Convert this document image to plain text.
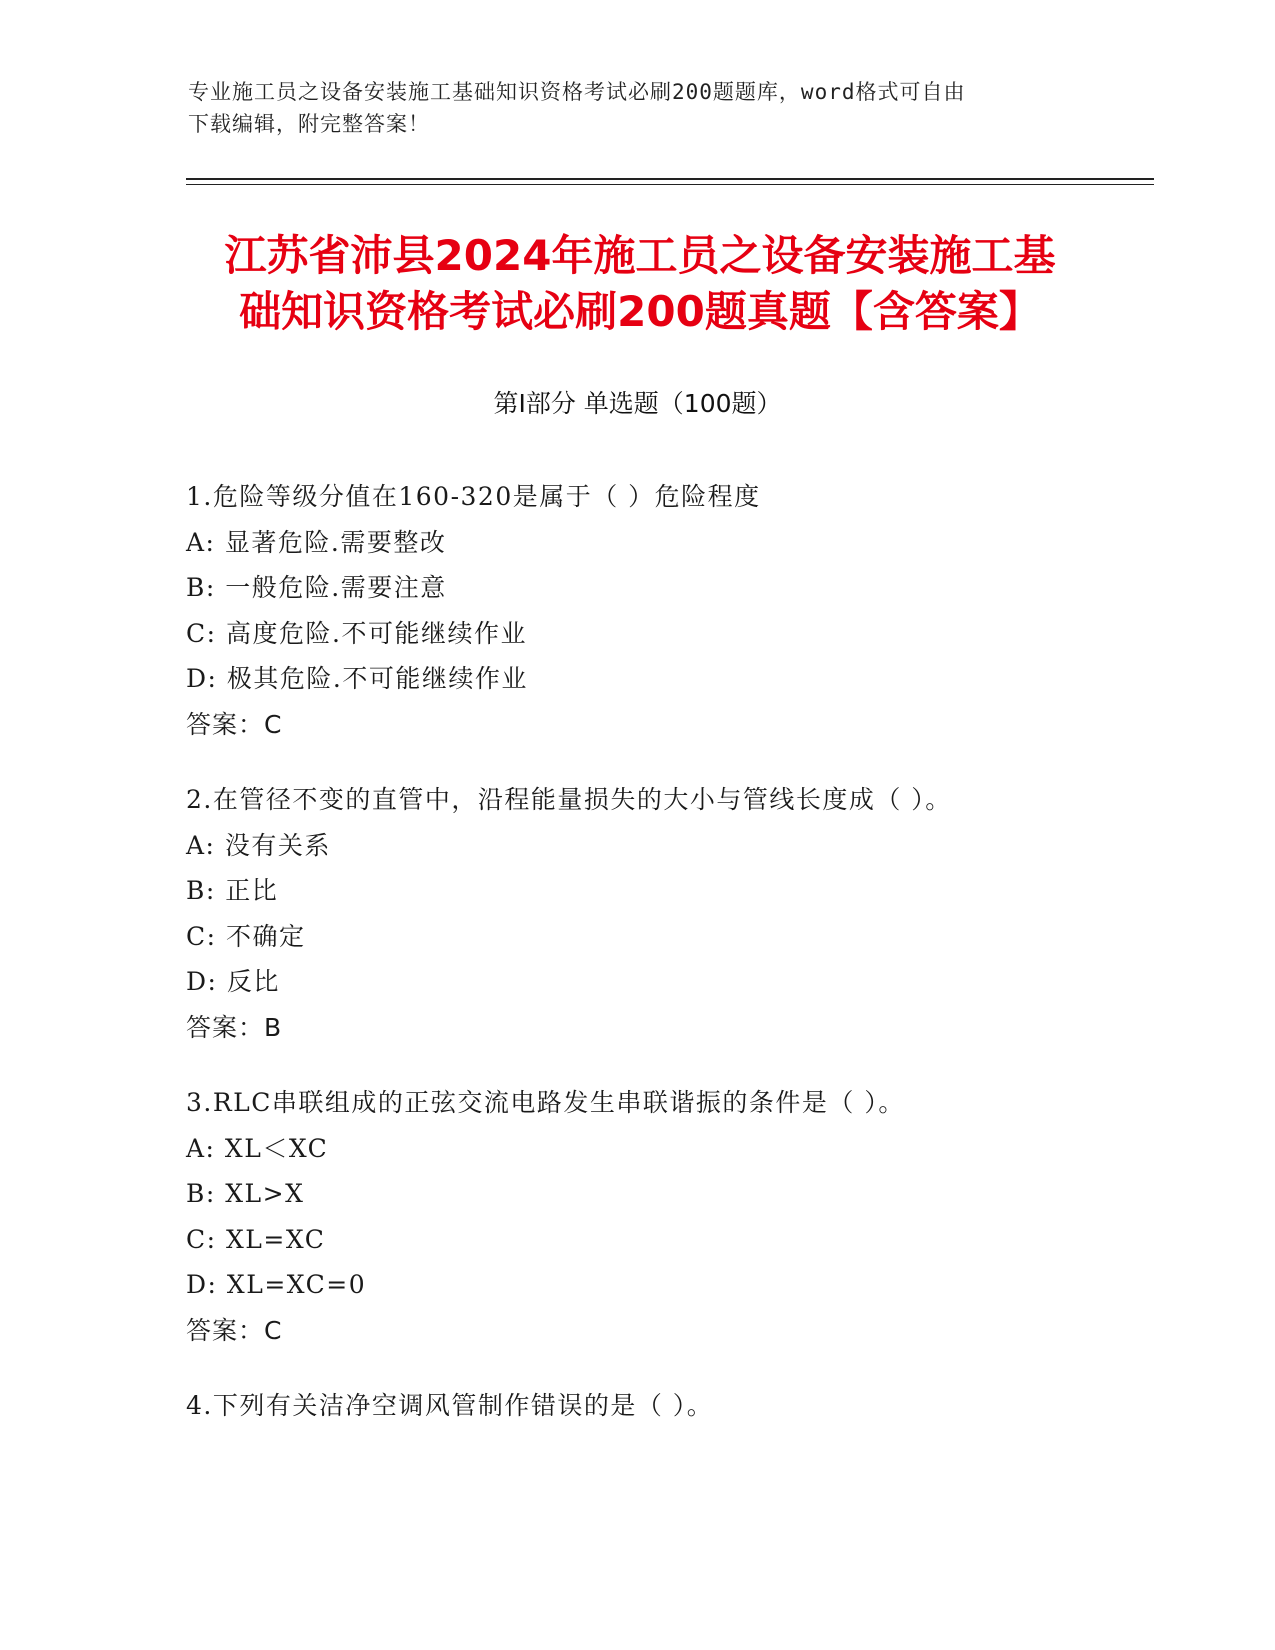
专业施工员之设备安装施工基础知识资格考试必刷200题题库，word格式可自由
下载编辑，附完整答案！
江苏省沛县2024年施工员之设备安装施工基
础知识资格考试必刷200题真题【含答案】
第Ⅰ部分 单选题（100题）
1.危险等级分值在160-320是属于（ ）危险程度
A: 显著危险.需要整改
B: 一般危险.需要注意
C: 高度危险.不可能继续作业
D: 极其危险.不可能继续作业
答案：C
2.在管径不变的直管中，沿程能量损失的大小与管线长度成（ ）。
A: 没有关系
B: 正比
C: 不确定
D: 反比
答案：B
3.RLC串联组成的正弦交流电路发生串联谐振的条件是（ ）。
A: XL＜XC
B: XL>X
C: XL=XC
D: XL=XC=0
答案：C
4.下列有关洁净空调风管制作错误的是（ ）。
